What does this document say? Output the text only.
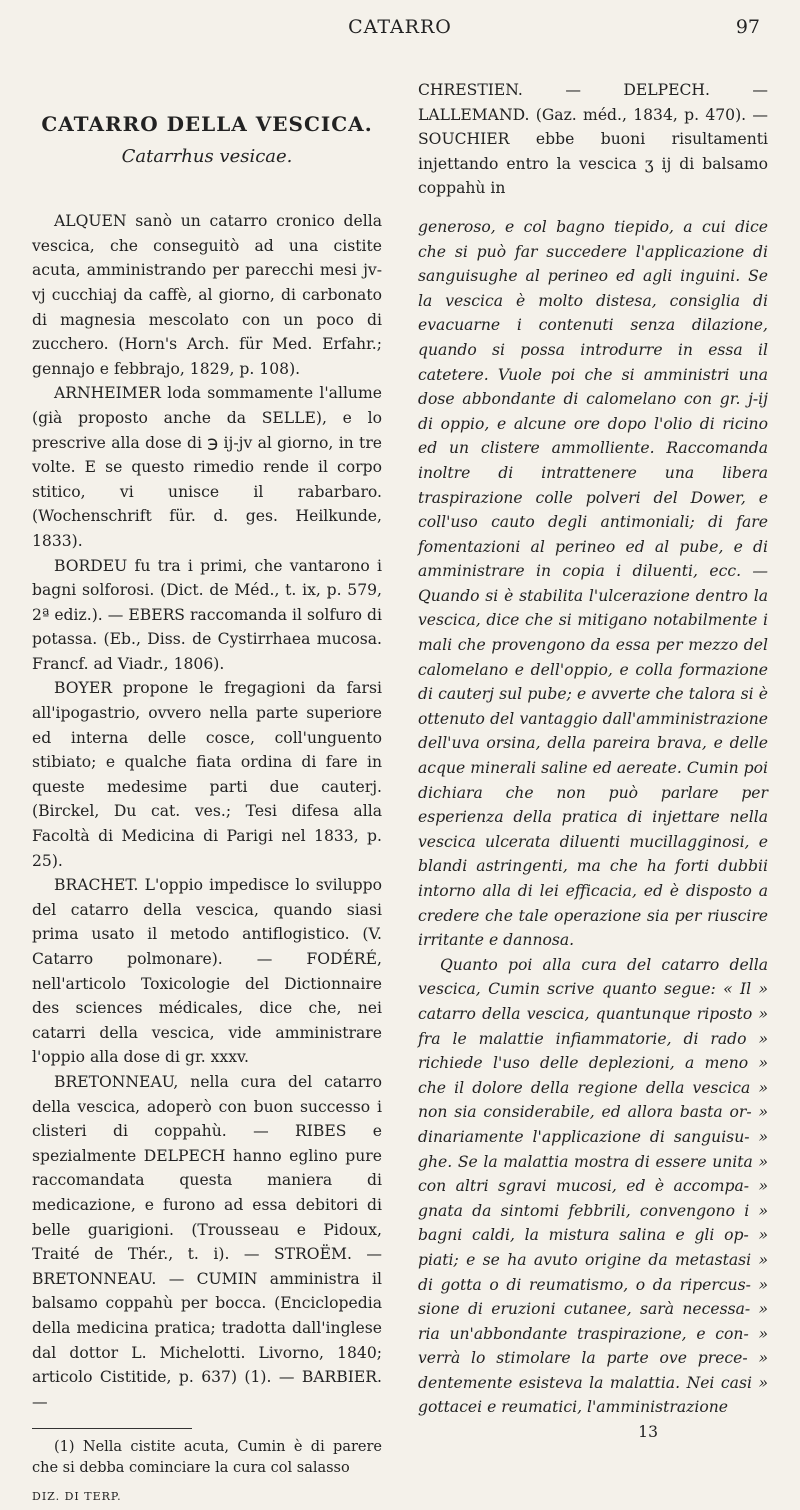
CATARRO	97
CATARRO DELLA VESCICA.
Catarrhus vesicae.

ALQUEN sanò un catarro cronico della vescica, che conseguitò ad una cistite acuta, amministrando per parecchi mesi jv-vj cucchiaj da caffè, al giorno, di carbonato di magnesia mescolato con un poco di zucchero. (Horn's Arch. für Med. Erfahr.; gennajo e febbrajo, 1829, p. 108).

ARNHEIMER loda sommamente l'allume (già proposto anche da SELLE), e lo prescrive alla dose di ℈ ij-jv al giorno, in tre volte. E se questo rimedio rende il corpo stitico, vi unisce il rabarbaro. (Wochenschrift für. d. ges. Heilkunde, 1833).

BORDEU fu tra i primi, che vantarono i bagni solforosi. (Dict. de Méd., t. ix, p. 579, 2ª ediz.). — EBERS raccomanda il solfuro di potassa. (Eb., Diss. de Cystirrhaea mucosa. Francf. ad Viadr., 1806).

BOYER propone le fregagioni da farsi all'ipogastrio, ovvero nella parte superiore ed interna delle cosce, coll'unguento stibiato; e qualche fiata ordina di fare in queste medesime parti due cauterj. (Birckel, Du cat. ves.; Tesi difesa alla Facoltà di Medicina di Parigi nel 1833, p. 25).

BRACHET. L'oppio impedisce lo sviluppo del catarro della vescica, quando siasi prima usato il metodo antiflogistico. (V. Catarro polmonare). — FODÉRÉ, nell'articolo Toxicologie del Dictionnaire des sciences médicales, dice che, nei catarri della vescica, vide amministrare l'oppio alla dose di gr. xxxv.

BRETONNEAU, nella cura del catarro della vescica, adoperò con buon successo i clisteri di coppahù. — RIBES e spezialmente DELPECH hanno eglino pure raccomandata questa maniera di medicazione, e furono ad essa debitori di belle guarigioni. (Trousseau e Pidoux, Traité de Thér., t. i). — STROËM. — BRETONNEAU. — CUMIN amministra il balsamo coppahù per bocca. (Enciclopedia della medicina pratica; tradotta dall'inglese dal dottor L. Michelotti. Livorno, 1840; articolo Cistitide, p. 637) (1). — BARBIER. —

(1) Nella cistite acuta, Cumin è di parere che si debba cominciare la cura col salasso

DIZ. DI TERP.

CHRESTIEN. — DELPECH. — LALLEMAND. (Gaz. méd., 1834, p. 470). — SOUCHIER ebbe buoni risultamenti injettando entro la vescica ʒ ij di balsamo coppahù in

generoso, e col bagno tiepido, a cui dice che si può far succedere l'applicazione di sanguisughe al perineo ed agli inguini. Se la vescica è molto distesa, consiglia di evacuarne i contenuti senza dilazione, quando si possa introdurre in essa il catetere. Vuole poi che si amministri una dose abbondante di calomelano con gr. j-ij di oppio, e alcune ore dopo l'olio di ricino ed un clistere ammolliente. Raccomanda inoltre di intrattenere una libera traspirazione colle polveri del Dower, e coll'uso cauto degli antimoniali; di fare fomentazioni al perineo ed al pube, e di amministrare in copia i diluenti, ecc. — Quando si è stabilita l'ulcerazione dentro la vescica, dice che si mitigano notabilmente i mali che provengono da essa per mezzo del calomelano e dell'oppio, e colla formazione di cauterj sul pube; e avverte che talora si è ottenuto del vantaggio dall'amministrazione dell'uva orsina, della pareira brava, e delle acque minerali saline ed aereate. Cumin poi dichiara che non può parlare per esperienza della pratica di injettare nella vescica ulcerata diluenti mucillagginosi, e blandi astringenti, ma che ha forti dubbii intorno alla di lei efficacia, ed è disposto a credere che tale operazione sia per riuscire irritante e dannosa.

Quanto poi alla cura del catarro della vescica, Cumin scrive quanto segue: « Il » catarro della vescica, quantunque riposto » fra le malattie infiammatorie, di rado » richiede l'uso delle deplezioni, a meno » che il dolore della regione della vescica » non sia considerabile, ed allora basta or- » dinariamente l'applicazione di sanguisu- » ghe. Se la malattia mostra di essere unita » con altri sgravi mucosi, ed è accompa- » gnata da sintomi febbrili, convengono i » bagni caldi, la mistura salina e gli op- » piati; e se ha avuto origine da metastasi » di gotta o di reumatismo, o da ripercus- » sione di eruzioni cutanee, sarà necessa- » ria un'abbondante traspirazione, e con- » verrà lo stimolare la parte ove prece- » dentemente esisteva la malattia. Nei casi » gottacei e reumatici, l'amministrazione

13
